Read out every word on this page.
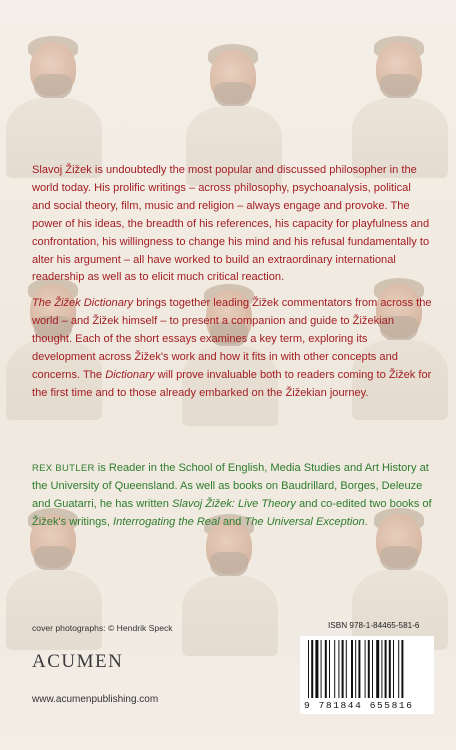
Slavoj Žižek is undoubtedly the most popular and discussed philosopher in the world today. His prolific writings – across philosophy, psychoanalysis, political and social theory, film, music and religion – always engage and provoke. The power of his ideas, the breadth of his references, his capacity for playfulness and confrontation, his willingness to change his mind and his refusal fundamentally to alter his argument – all have worked to build an extraordinary international readership as well as to elicit much critical reaction.

The Žižek Dictionary brings together leading Žižek commentators from across the world – and Žižek himself – to present a companion and guide to Žižekian thought. Each of the short essays examines a key term, exploring its development across Žižek's work and how it fits in with other concepts and concerns. The Dictionary will prove invaluable both to readers coming to Žižek for the first time and to those already embarked on the Žižekian journey.

REX BUTLER is Reader in the School of English, Media Studies and Art History at the University of Queensland. As well as books on Baudrillard, Borges, Deleuze and Guatarri, he has written Slavoj Žižek: Live Theory and co-edited two books of Žižek's writings, Interrogating the Real and The Universal Exception.

cover photographs: © Hendrik Speck
ACUMEN
www.acumenpublishing.com
ISBN 978-1-84465-581-6
9 781844 655816
